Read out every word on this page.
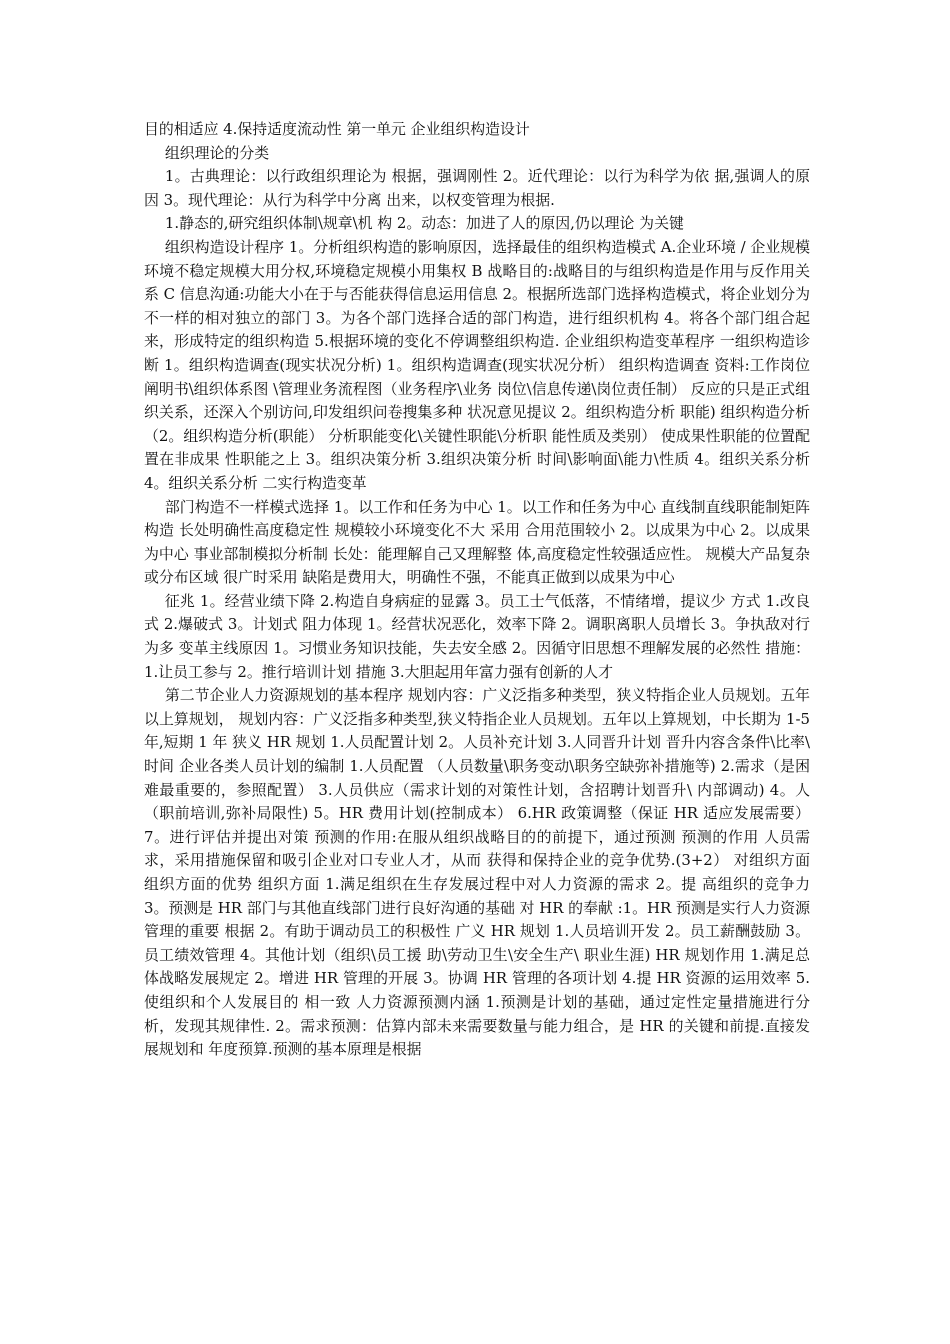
目的相适应 4.保持适度流动性 第一单元 企业组织构造设计

组织理论的分类

1。古典理论：以行政组织理论为 根据，强调刚性 2。近代理论：以行为科学为依 据,强调人的原因 3。现代理论：从行为科学中分离 出来，以权变管理为根据.

1.静态的,研究组织体制\规章\机 构 2。动态：加进了人的原因,仍以理论 为关键

组织构造设计程序 1。分析组织构造的影响原因，选择最佳的组织构造模式 A.企业环境 / 企业规模 环境不稳定规模大用分权,环境稳定规模小用集权 B 战略目的:战略目的与组织构造是作用与反作用关系 C 信息沟通:功能大小在于与否能获得信息运用信息 2。根据所选部门选择构造模式，将企业划分为不一样的相对独立的部门 3。为各个部门选择合适的部门构造，进行组织机构 4。将各个部门组合起来，形成特定的组织构造 5.根据环境的变化不停调整组织构造. 企业组织构造变革程序 一组织构造诊断 1。组织构造调查(现实状况分析) 1。组织构造调查(现实状况分析） 组织构造调查 资料:工作岗位阐明书\组织体系图 \管理业务流程图（业务程序\业务 岗位\信息传递\岗位责任制） 反应的只是正式组织关系，还深入个别访问,印发组织问卷搜集多种 状况意见提议 2。组织构造分析 职能) 组织构造分析（2。组织构造分析(职能） 分析职能变化\关键性职能\分析职 能性质及类别） 使成果性职能的位置配置在非成果 性职能之上 3。组织决策分析 3.组织决策分析 时间\影响面\能力\性质 4。组织关系分析 4。组织关系分析 二实行构造变革

部门构造不一样模式选择 1。以工作和任务为中心 1。以工作和任务为中心 直线制直线职能制矩阵 构造 长处明确性高度稳定性 规模较小环境变化不大 采用 合用范围较小 2。以成果为中心 2。以成果为中心 事业部制模拟分析制 长处：能理解自己又理解整 体,高度稳定性较强适应性。 规模大产品复杂或分布区域 很广时采用 缺陷是费用大，明确性不强，不能真正做到以成果为中心

征兆 1。经营业绩下降 2.构造自身病症的显露 3。员工士气低落，不情绪增，提议少 方式 1.改良式 2.爆破式 3。计划式 阻力体现 1。经营状况恶化，效率下降 2。调职离职人员增长 3。争执敌对行为多 变革主线原因 1。习惯业务知识技能，失去安全感 2。因循守旧思想不理解发展的必然性 措施：1.让员工参与 2。推行培训计划 措施 3.大胆起用年富力强有创新的人才

第二节企业人力资源规划的基本程序 规划内容：广义泛指多种类型，狭义特指企业人员规划。五年以上算规划， 规划内容：广义泛指多种类型,狭义特指企业人员规划。五年以上算规划，中长期为 1-5 年,短期 1 年 狭义 HR 规划 1.人员配置计划 2。人员补充计划 3.人同晋升计划 晋升内容含条件\比率\ 时间 企业各类人员计划的编制 1.人员配置 （人员数量\职务变动\职务空缺弥补措施等) 2.需求（是困难最重要的，参照配置） 3.人员供应（需求计划的对策性计划，含招聘计划晋升\ 内部调动) 4。人（职前培训,弥补局限性) 5。HR 费用计划(控制成本） 6.HR 政策调整（保证 HR 适应发展需要） 7。进行评估并提出对策 预测的作用:在服从组织战略目的的前提下，通过预测 预测的作用 人员需求，采用措施保留和吸引企业对口专业人才，从而 获得和保持企业的竞争优势.(3+2） 对组织方面 组织方面的优势 组织方面 1.满足组织在生存发展过程中对人力资源的需求 2。提 高组织的竞争力 3。预测是 HR 部门与其他直线部门进行良好沟通的基础 对 HR 的奉献 :1。HR 预测是实行人力资源管理的重要 根据 2。有助于调动员工的积极性 广义 HR 规划 1.人员培训开发 2。员工薪酬鼓励 3。员工绩效管理 4。其他计划（组织\员工援 助\劳动卫生\安全生产\ 职业生涯) HR 规划作用 1.满足总体战略发展规定 2。增进 HR 管理的开展 3。协调 HR 管理的各项计划 4.提 HR 资源的运用效率 5.使组织和个人发展目的 相一致 人力资源预测内涵 1.预测是计划的基础，通过定性定量措施进行分析，发现其规律性. 2。需求预测：估算内部未来需要数量与能力组合，是 HR 的关键和前提.直接发展规划和 年度预算.预测的基本原理是根据
